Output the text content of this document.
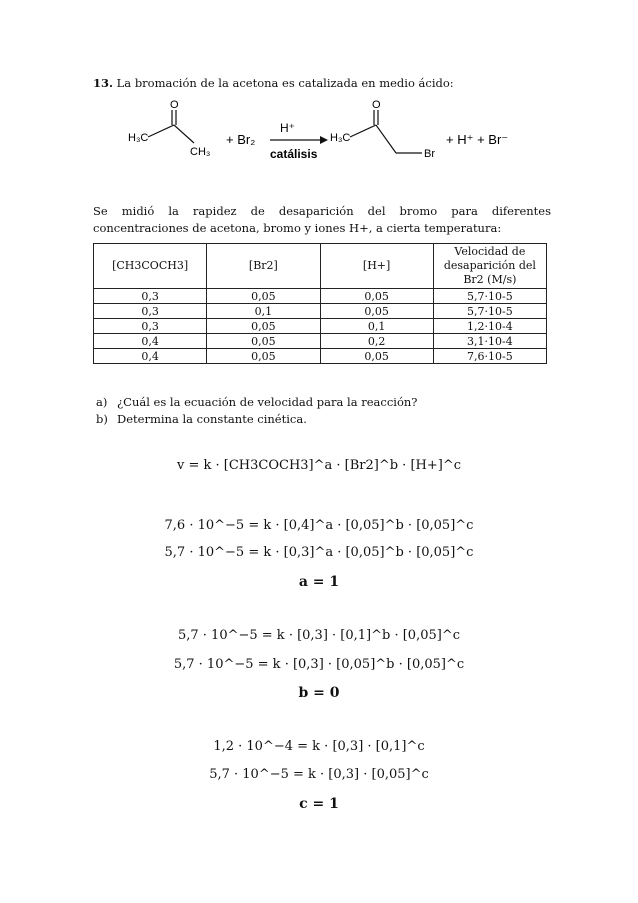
13. La bromación de la acetona es catalizada en medio ácido:
H₃C
O
CH₃
+ Br₂
H⁺
catálisis
H₃C
O
Br
+ H⁺ + Br⁻
Se midió la rapidez de desaparición del bromo para diferentes concentraciones de acetona, bromo y iones H+, a cierta temperatura:
[CH3COCH3]	[Br2]	[H+]	Velocidad de desaparición del Br2 (M/s)
0,3	0,05	0,05	5,7·10-5
0,3	0,1	0,05	5,7·10-5
0,3	0,05	0,1	1,2·10-4
0,4	0,05	0,2	3,1·10-4
0,4	0,05	0,05	7,6·10-5
a) ¿Cuál es la ecuación de velocidad para la reacción?
b) Determina la constante cinética.
v = k · [CH3COCH3]^a · [Br2]^b · [H+]^c
7,6 · 10^−5 = k · [0,4]^a · [0,05]^b · [0,05]^c
5,7 · 10^−5 = k · [0,3]^a · [0,05]^b · [0,05]^c
a = 1
5,7 · 10^−5 = k · [0,3] · [0,1]^b · [0,05]^c
5,7 · 10^−5 = k · [0,3] · [0,05]^b · [0,05]^c
b = 0
1,2 · 10^−4 = k · [0,3] · [0,1]^c
5,7 · 10^−5 = k · [0,3] · [0,05]^c
c = 1
